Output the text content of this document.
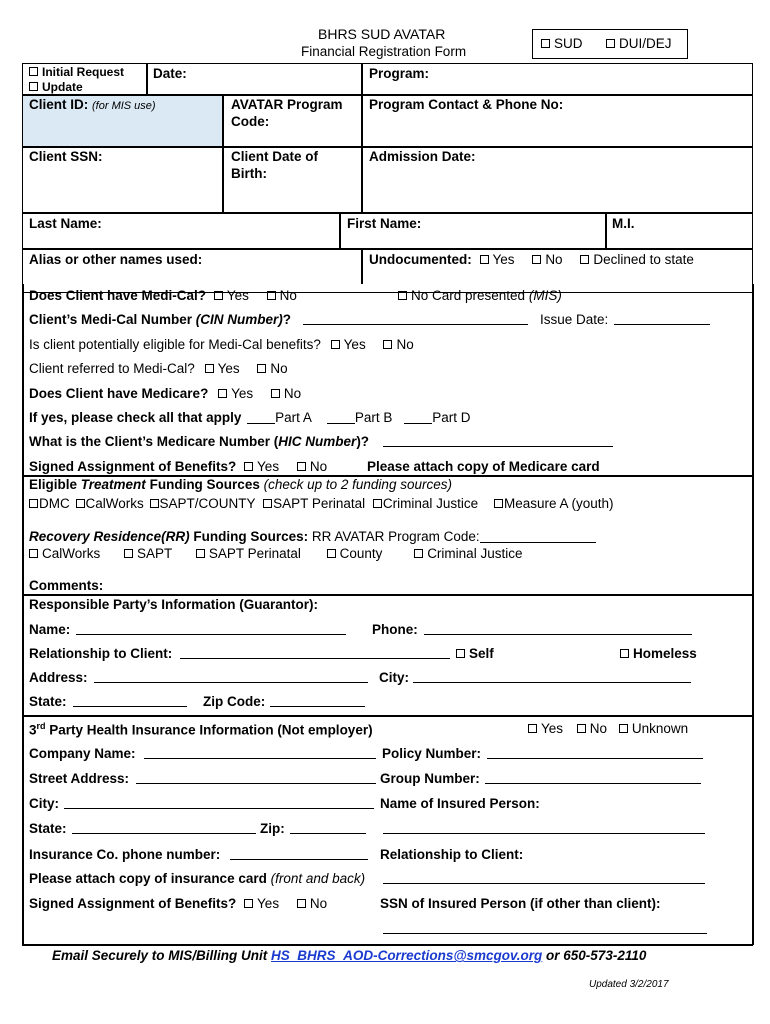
BHRS SUD AVATAR
Financial Registration Form
SUD	DUI/DEJ
Initial Request
Update
Date:	Program:
Client ID: (for MIS use)	AVATAR Program
Code:
Program Contact & Phone No:
Client SSN:	Client Date of
Birth:
Admission Date:
Last Name:	First Name:	M.I.
Alias or other names used:	Undocumented: Yes No Declined to state
Does Client have Medi-Cal? Yes No	No Card presented (MIS)
Client’s Medi-Cal Number (CIN Number)?	Issue Date:
Is client potentially eligible for Medi-Cal benefits? Yes No
Client referred to Medi-Cal? Yes No
Does Client have Medicare? Yes No
If yes, please check all that apply	Part A	Part B	Part D
What is the Client’s Medicare Number (HIC Number)?
Signed Assignment of Benefits? Yes No	Please attach copy of Medicare card
Eligible Treatment Funding Sources (check up to 2 funding sources)
DMC CalWorks SAPT/COUNTY SAPT Perinatal Criminal Justice Measure A (youth)
Recovery Residence(RR) Funding Sources: RR AVATAR Program Code:
CalWorks	SAPT	SAPT Perinatal	County	Criminal Justice
Comments:
Responsible Party’s Information (Guarantor):
Name:	Phone:
Relationship to Client:	Self	Homeless
Address:	City:
State:	Zip Code:
3rd Party Health Insurance Information (Not employer)	Yes No Unknown
Company Name:	Policy Number:
Street Address:	Group Number:
City:	Name of Insured Person:
State:	Zip:
Insurance Co. phone number:	Relationship to Client:
Please attach copy of insurance card (front and back)
Signed Assignment of Benefits? Yes No	SSN of Insured Person (if other than client):
Email Securely to MIS/Billing Unit HS_BHRS_AOD-Corrections@smcgov.org or 650-573-2110
Updated 3/2/2017
